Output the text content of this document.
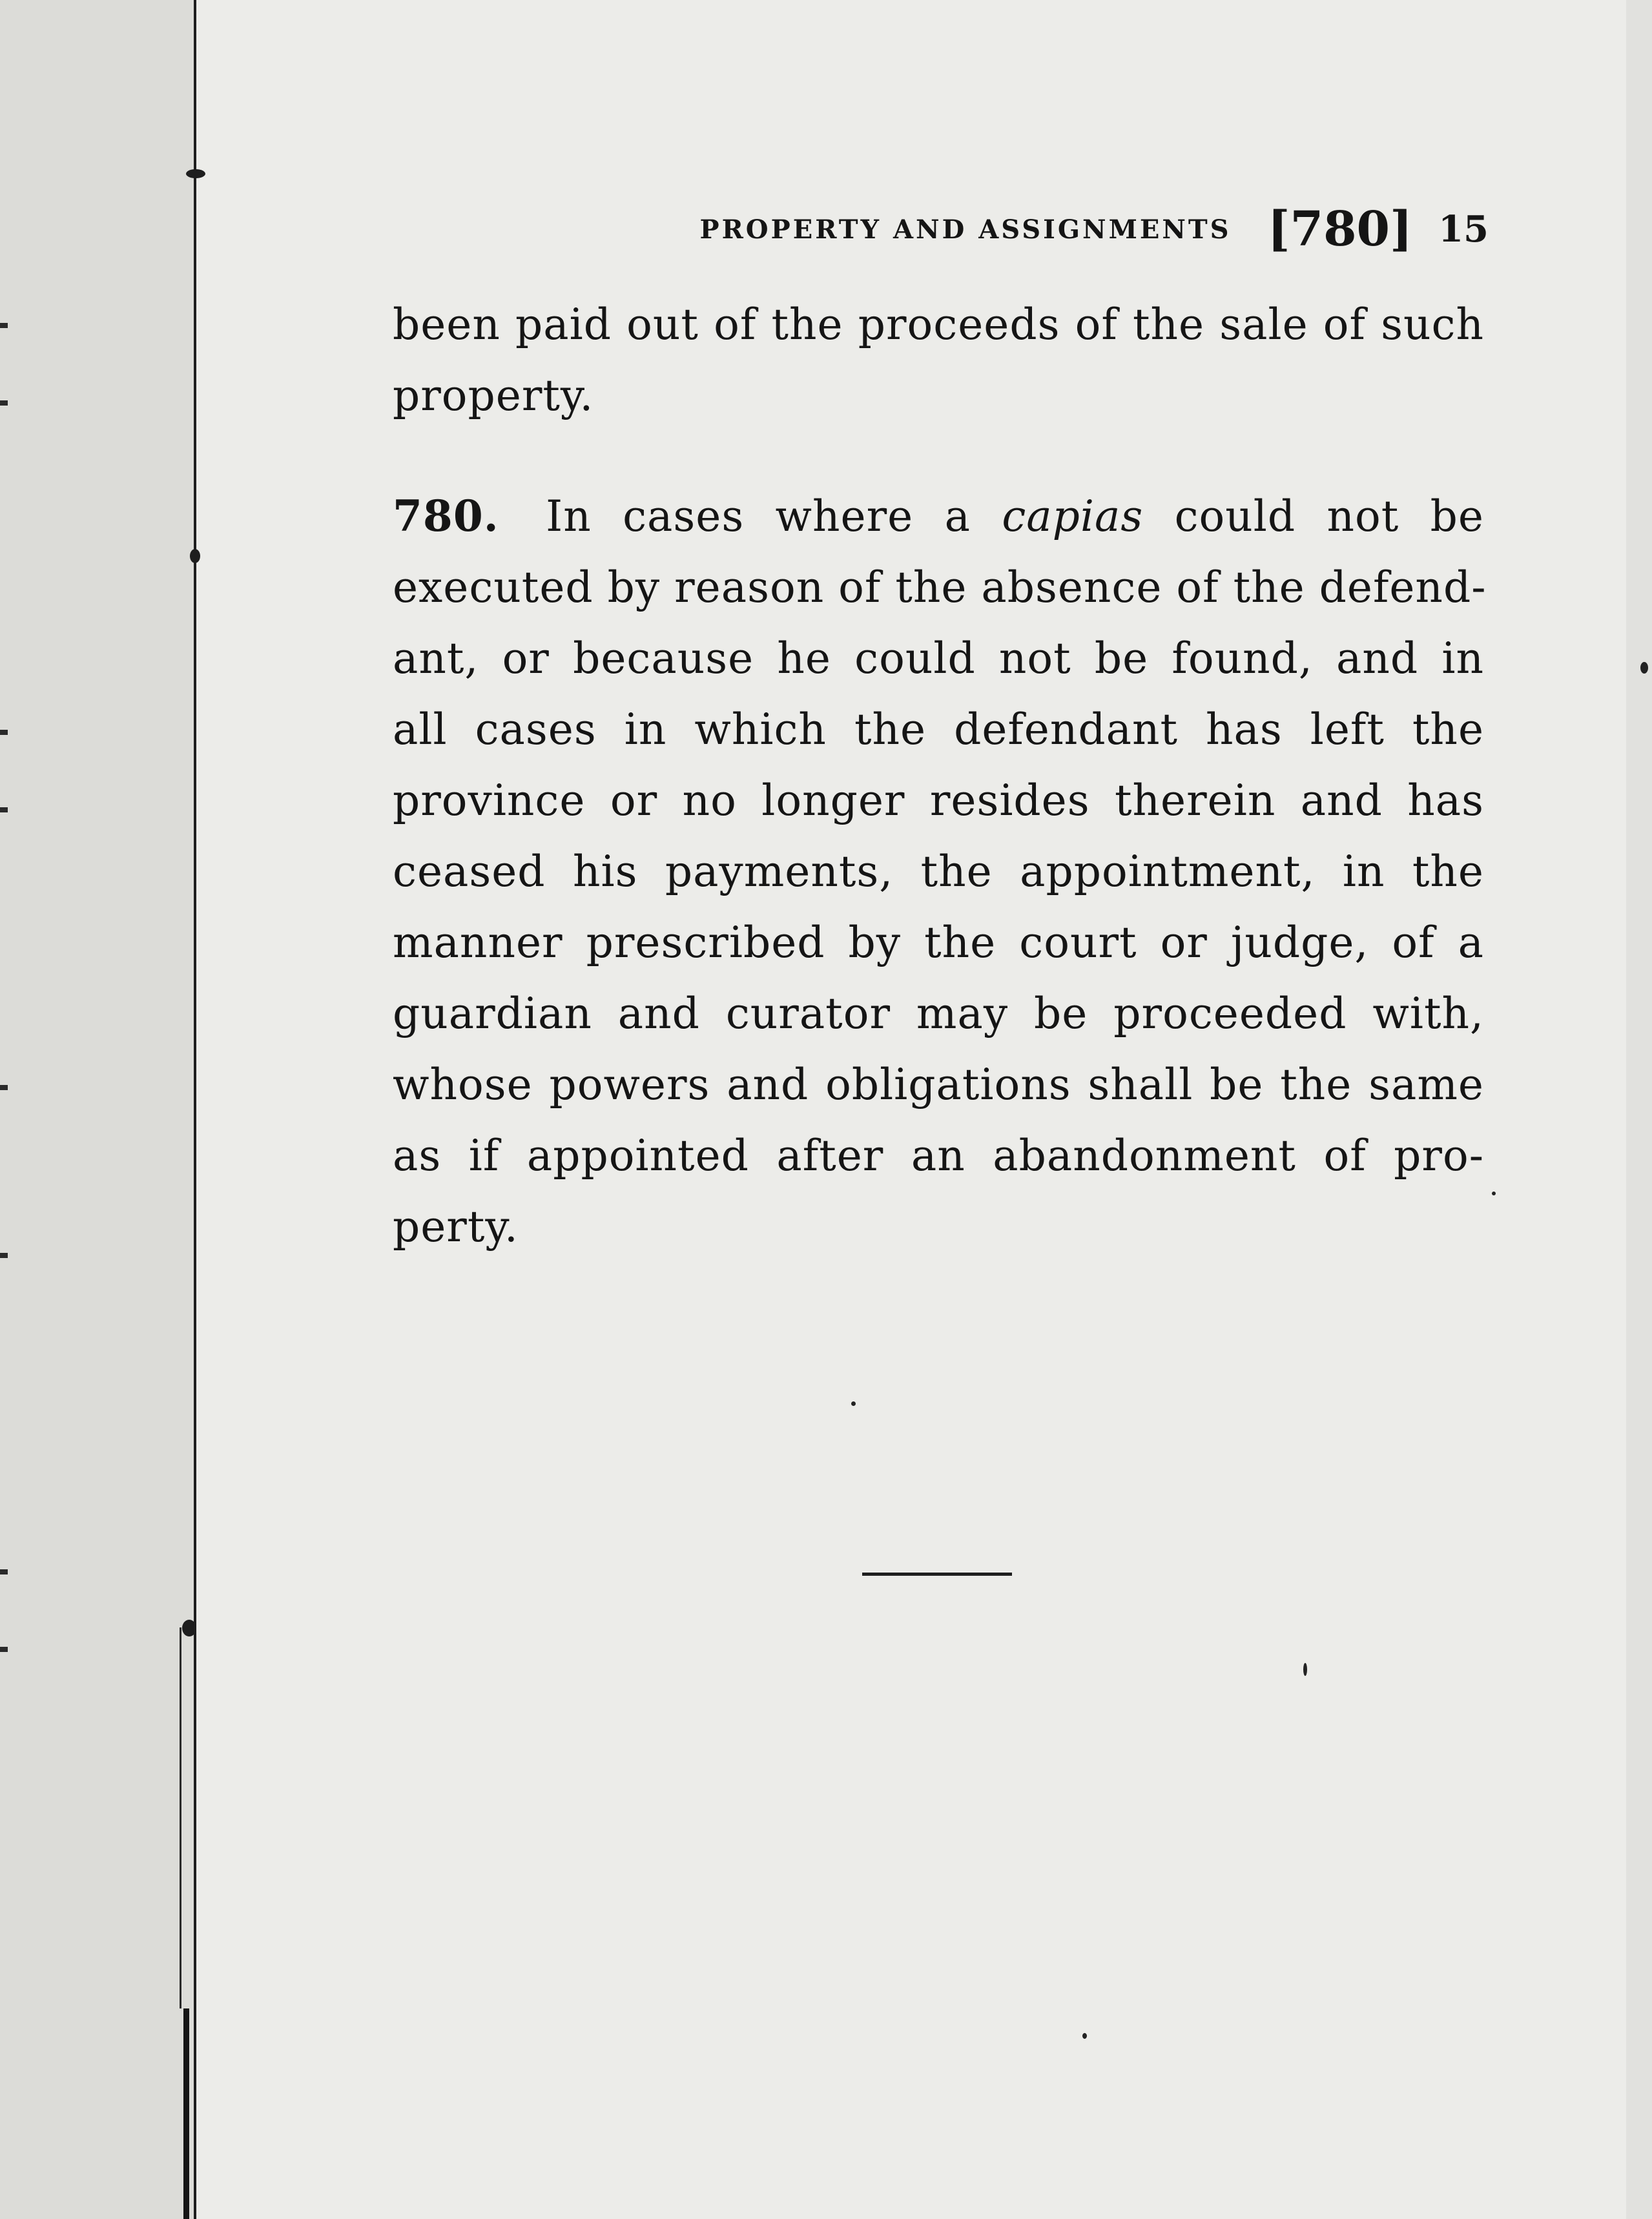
PROPERTY AND ASSIGNMENTS [780] 15

been paid out of the proceeds of the sale of such
property.

780. In cases where a capias could not be
executed by reason of the absence of the defend-
ant, or because he could not be found, and in
all cases in which the defendant has left the
province or no longer resides therein and has
ceased his payments, the appointment, in the
manner prescribed by the court or judge, of a
guardian and curator may be proceeded with,
whose powers and obligations shall be the same
as if appointed after an abandonment of pro-
perty.
